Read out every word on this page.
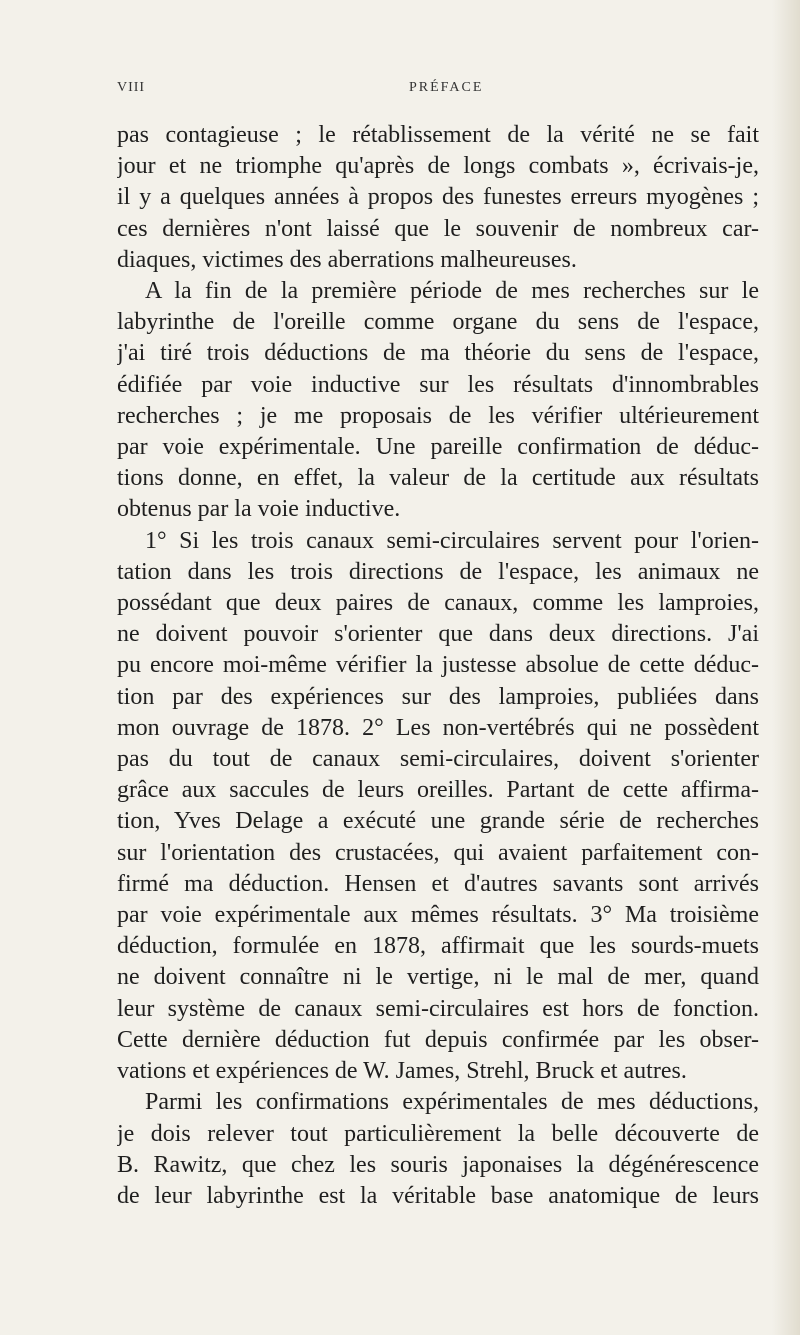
VIII	PRÉFACE
pas contagieuse ; le rétablissement de la vérité ne se fait
jour et ne triomphe qu'après de longs combats », écrivais-je,
il y a quelques années à propos des funestes erreurs myogènes ;
ces dernières n'ont laissé que le souvenir de nombreux car-
diaques, victimes des aberrations malheureuses.
A la fin de la première période de mes recherches sur le
labyrinthe de l'oreille comme organe du sens de l'espace,
j'ai tiré trois déductions de ma théorie du sens de l'espace,
édifiée par voie inductive sur les résultats d'innombrables
recherches ; je me proposais de les vérifier ultérieurement
par voie expérimentale. Une pareille confirmation de déduc-
tions donne, en effet, la valeur de la certitude aux résultats
obtenus par la voie inductive.
1° Si les trois canaux semi-circulaires servent pour l'orien-
tation dans les trois directions de l'espace, les animaux ne
possédant que deux paires de canaux, comme les lamproies,
ne doivent pouvoir s'orienter que dans deux directions. J'ai
pu encore moi-même vérifier la justesse absolue de cette déduc-
tion par des expériences sur des lamproies, publiées dans
mon ouvrage de 1878. 2° Les non-vertébrés qui ne possèdent
pas du tout de canaux semi-circulaires, doivent s'orienter
grâce aux saccules de leurs oreilles. Partant de cette affirma-
tion, Yves Delage a exécuté une grande série de recherches
sur l'orientation des crustacées, qui avaient parfaitement con-
firmé ma déduction. Hensen et d'autres savants sont arrivés
par voie expérimentale aux mêmes résultats. 3° Ma troisième
déduction, formulée en 1878, affirmait que les sourds-muets
ne doivent connaître ni le vertige, ni le mal de mer, quand
leur système de canaux semi-circulaires est hors de fonction.
Cette dernière déduction fut depuis confirmée par les obser-
vations et expériences de W. James, Strehl, Bruck et autres.
Parmi les confirmations expérimentales de mes déductions,
je dois relever tout particulièrement la belle découverte de
B. Rawitz, que chez les souris japonaises la dégénérescence
de leur labyrinthe est la véritable base anatomique de leurs
